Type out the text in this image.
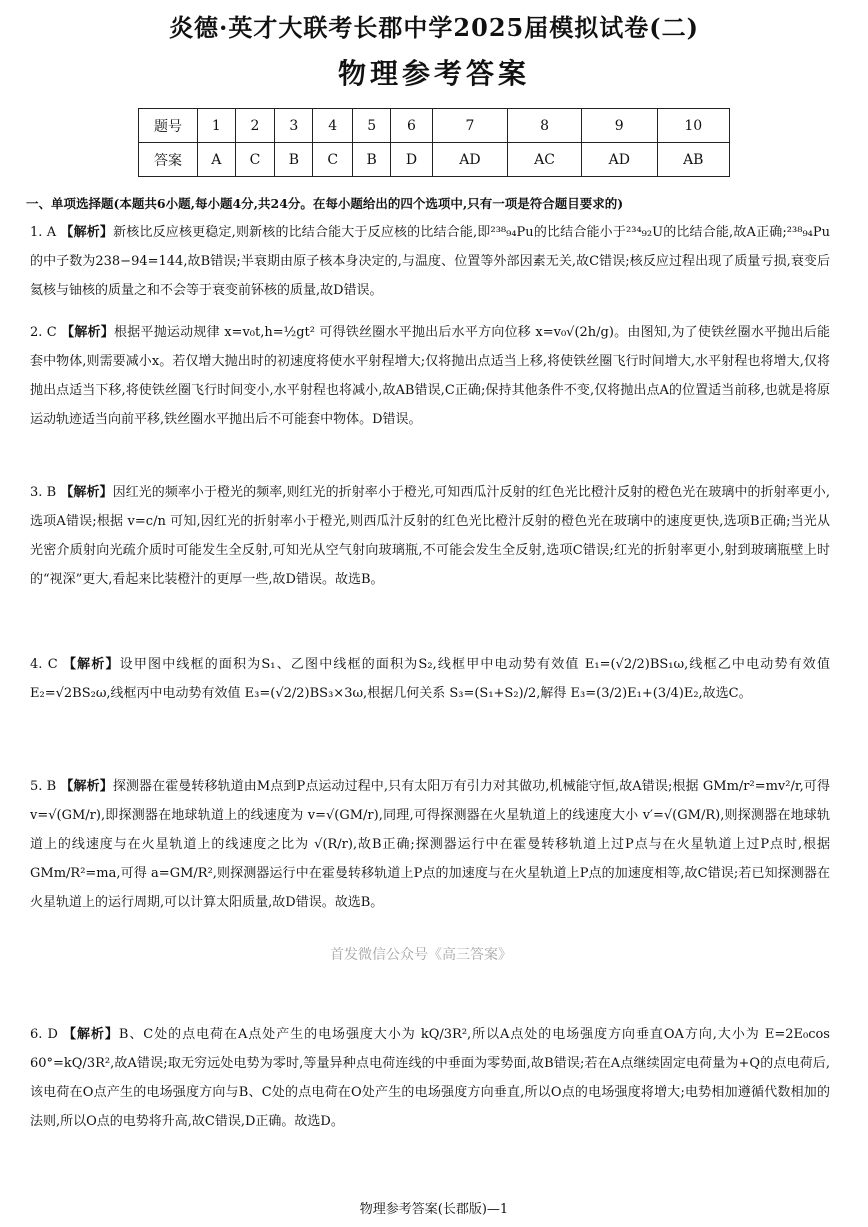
炎德·英才大联考长郡中学2025届模拟试卷(二)
物理参考答案
题号	1	2	3	4	5	6	7	8	9	10
答案	A	C	B	C	B	D	AD	AC	AD	AB
一、单项选择题(本题共6小题,每小题4分,共24分。在每小题给出的四个选项中,只有一项是符合题目要求的)
1. A 【解析】新核比反应核更稳定,则新核的比结合能大于反应核的比结合能,即²³⁸₉₄Pu的比结合能小于²³⁴₉₂U的比结合能,故A正确;²³⁸₉₄Pu的中子数为238−94=144,故B错误;半衰期由原子核本身决定的,与温度、位置等外部因素无关,故C错误;核反应过程出现了质量亏损,衰变后氦核与铀核的质量之和不会等于衰变前钚核的质量,故D错误。
2. C 【解析】根据平抛运动规律 x=v₀t,h=½gt² 可得铁丝圈水平抛出后水平方向位移 x=v₀√(2h/g)。由图知,为了使铁丝圈水平抛出后能套中物体,则需要减小x。若仅增大抛出时的初速度将使水平射程增大;仅将抛出点适当上移,将使铁丝圈飞行时间增大,水平射程也将增大,仅将抛出点适当下移,将使铁丝圈飞行时间变小,水平射程也将减小,故AB错误,C正确;保持其他条件不变,仅将抛出点A的位置适当前移,也就是将原运动轨迹适当向前平移,铁丝圈水平抛出后不可能套中物体。D错误。
3. B 【解析】因红光的频率小于橙光的频率,则红光的折射率小于橙光,可知西瓜汁反射的红色光比橙汁反射的橙色光在玻璃中的折射率更小,选项A错误;根据 v=c/n 可知,因红光的折射率小于橙光,则西瓜汁反射的红色光比橙汁反射的橙色光在玻璃中的速度更快,选项B正确;当光从光密介质射向光疏介质时可能发生全反射,可知光从空气射向玻璃瓶,不可能会发生全反射,选项C错误;红光的折射率更小,射到玻璃瓶壁上时的“视深”更大,看起来比装橙汁的更厚一些,故D错误。故选B。
4. C 【解析】设甲图中线框的面积为S₁、乙图中线框的面积为S₂,线框甲中电动势有效值 E₁=(√2/2)BS₁ω,线框乙中电动势有效值 E₂=√2BS₂ω,线框丙中电动势有效值 E₃=(√2/2)BS₃×3ω,根据几何关系 S₃=(S₁+S₂)/2,解得 E₃=(3/2)E₁+(3/4)E₂,故选C。
5. B 【解析】探测器在霍曼转移轨道由M点到P点运动过程中,只有太阳万有引力对其做功,机械能守恒,故A错误;根据 GMm/r²=mv²/r,可得 v=√(GM/r),即探测器在地球轨道上的线速度为 v=√(GM/r),同理,可得探测器在火星轨道上的线速度大小 v′=√(GM/R),则探测器在地球轨道上的线速度与在火星轨道上的线速度之比为 √(R/r),故B正确;探测器运行中在霍曼转移轨道上过P点与在火星轨道上过P点时,根据 GMm/R²=ma,可得 a=GM/R²,则探测器运行中在霍曼转移轨道上P点的加速度与在火星轨道上P点的加速度相等,故C错误;若已知探测器在火星轨道上的运行周期,可以计算太阳质量,故D错误。故选B。
首发微信公众号《高三答案》
6. D 【解析】B、C处的点电荷在A点处产生的电场强度大小为 kQ/3R²,所以A点处的电场强度方向垂直OA方向,大小为 E=2E₀cos 60°=kQ/3R²,故A错误;取无穷远处电势为零时,等量异种点电荷连线的中垂面为零势面,故B错误;若在A点继续固定电荷量为+Q的点电荷后,该电荷在O点产生的电场强度方向与B、C处的点电荷在O处产生的电场强度方向垂直,所以O点的电场强度将增大;电势相加遵循代数相加的法则,所以O点的电势将升高,故C错误,D正确。故选D。
物理参考答案(长郡版)—1
